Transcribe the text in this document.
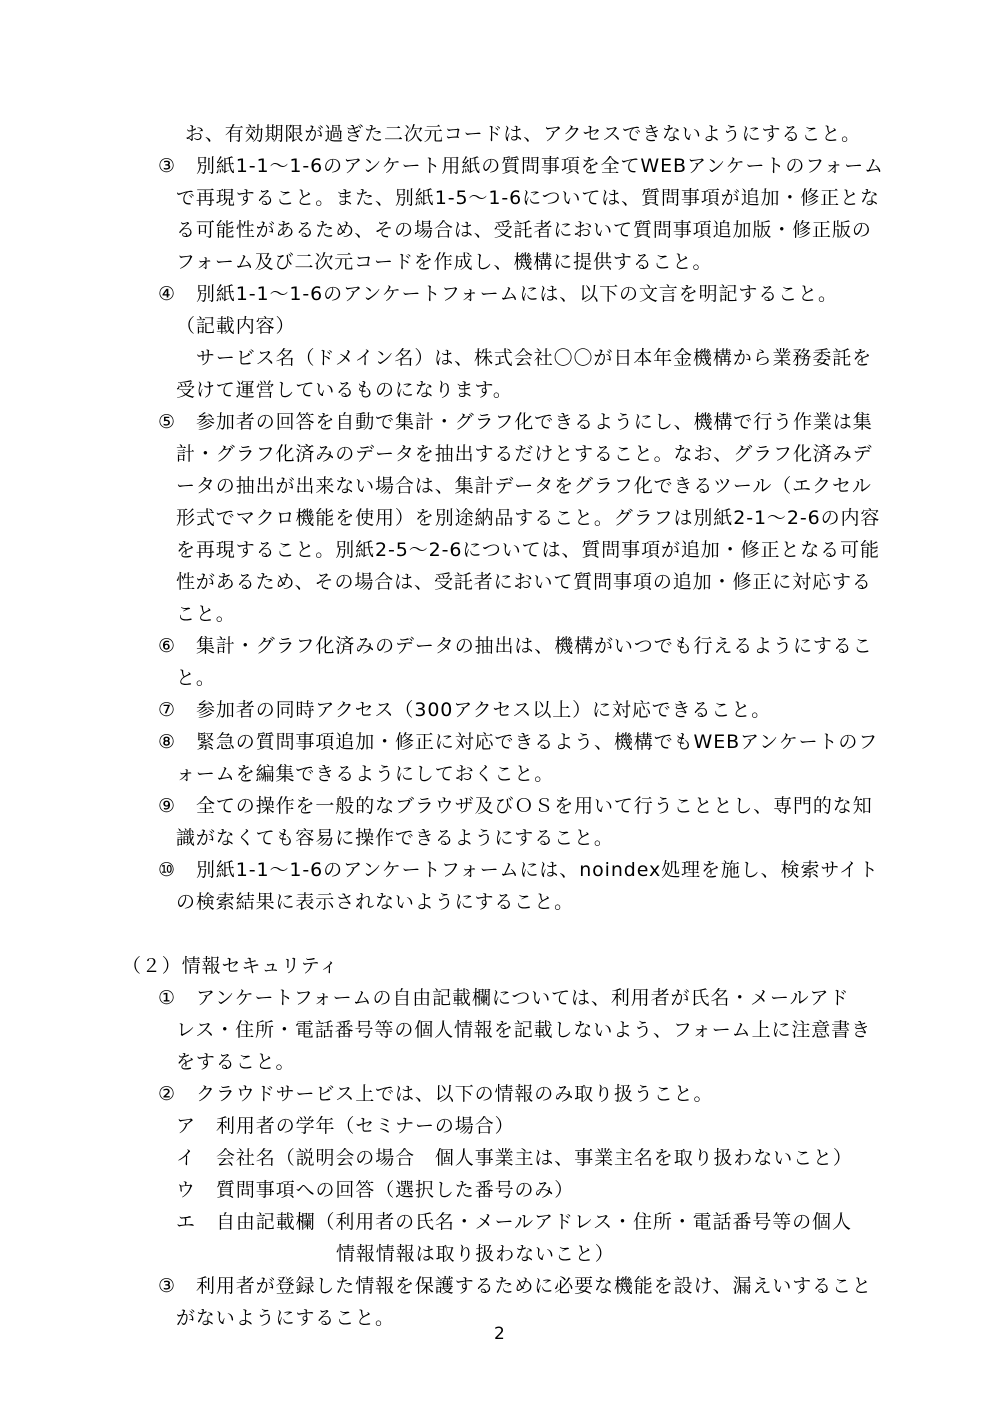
お、有効期限が過ぎた二次元コードは、アクセスできないようにすること。
③ 別紙1-1～1-6のアンケート用紙の質問事項を全てWEBアンケートのフォーム
で再現すること。また、別紙1-5～1-6については、質問事項が追加・修正とな
る可能性があるため、その場合は、受託者において質問事項追加版・修正版の
フォーム及び二次元コードを作成し、機構に提供すること。
④ 別紙1-1～1-6のアンケートフォームには、以下の文言を明記すること。
（記載内容）
サービス名（ドメイン名）は、株式会社〇〇が日本年金機構から業務委託を
受けて運営しているものになります。
⑤ 参加者の回答を自動で集計・グラフ化できるようにし、機構で行う作業は集
計・グラフ化済みのデータを抽出するだけとすること。なお、グラフ化済みデ
ータの抽出が出来ない場合は、集計データをグラフ化できるツール（エクセル
形式でマクロ機能を使用）を別途納品すること。グラフは別紙2-1～2-6の内容
を再現すること。別紙2-5～2-6については、質問事項が追加・修正となる可能
性があるため、その場合は、受託者において質問事項の追加・修正に対応する
こと。
⑥ 集計・グラフ化済みのデータの抽出は、機構がいつでも行えるようにするこ
と。
⑦ 参加者の同時アクセス（300アクセス以上）に対応できること。
⑧ 緊急の質問事項追加・修正に対応できるよう、機構でもWEBアンケートのフ
ォームを編集できるようにしておくこと。
⑨ 全ての操作を一般的なブラウザ及びＯＳを用いて行うこととし、専門的な知
識がなくても容易に操作できるようにすること。
⑩ 別紙1-1～1-6のアンケートフォームには、noindex処理を施し、検索サイト
の検索結果に表示されないようにすること。
（２）情報セキュリティ
① アンケートフォームの自由記載欄については、利用者が氏名・メールアド
レス・住所・電話番号等の個人情報を記載しないよう、フォーム上に注意書き
をすること。
② クラウドサービス上では、以下の情報のみ取り扱うこと。
ア 利用者の学年（セミナーの場合）
イ 会社名（説明会の場合　個人事業主は、事業主名を取り扱わないこと）
ウ 質問事項への回答（選択した番号のみ）
エ 自由記載欄（利用者の氏名・メールアドレス・住所・電話番号等の個人
情報情報は取り扱わないこと）
③ 利用者が登録した情報を保護するために必要な機能を設け、漏えいすること
がないようにすること。
2
